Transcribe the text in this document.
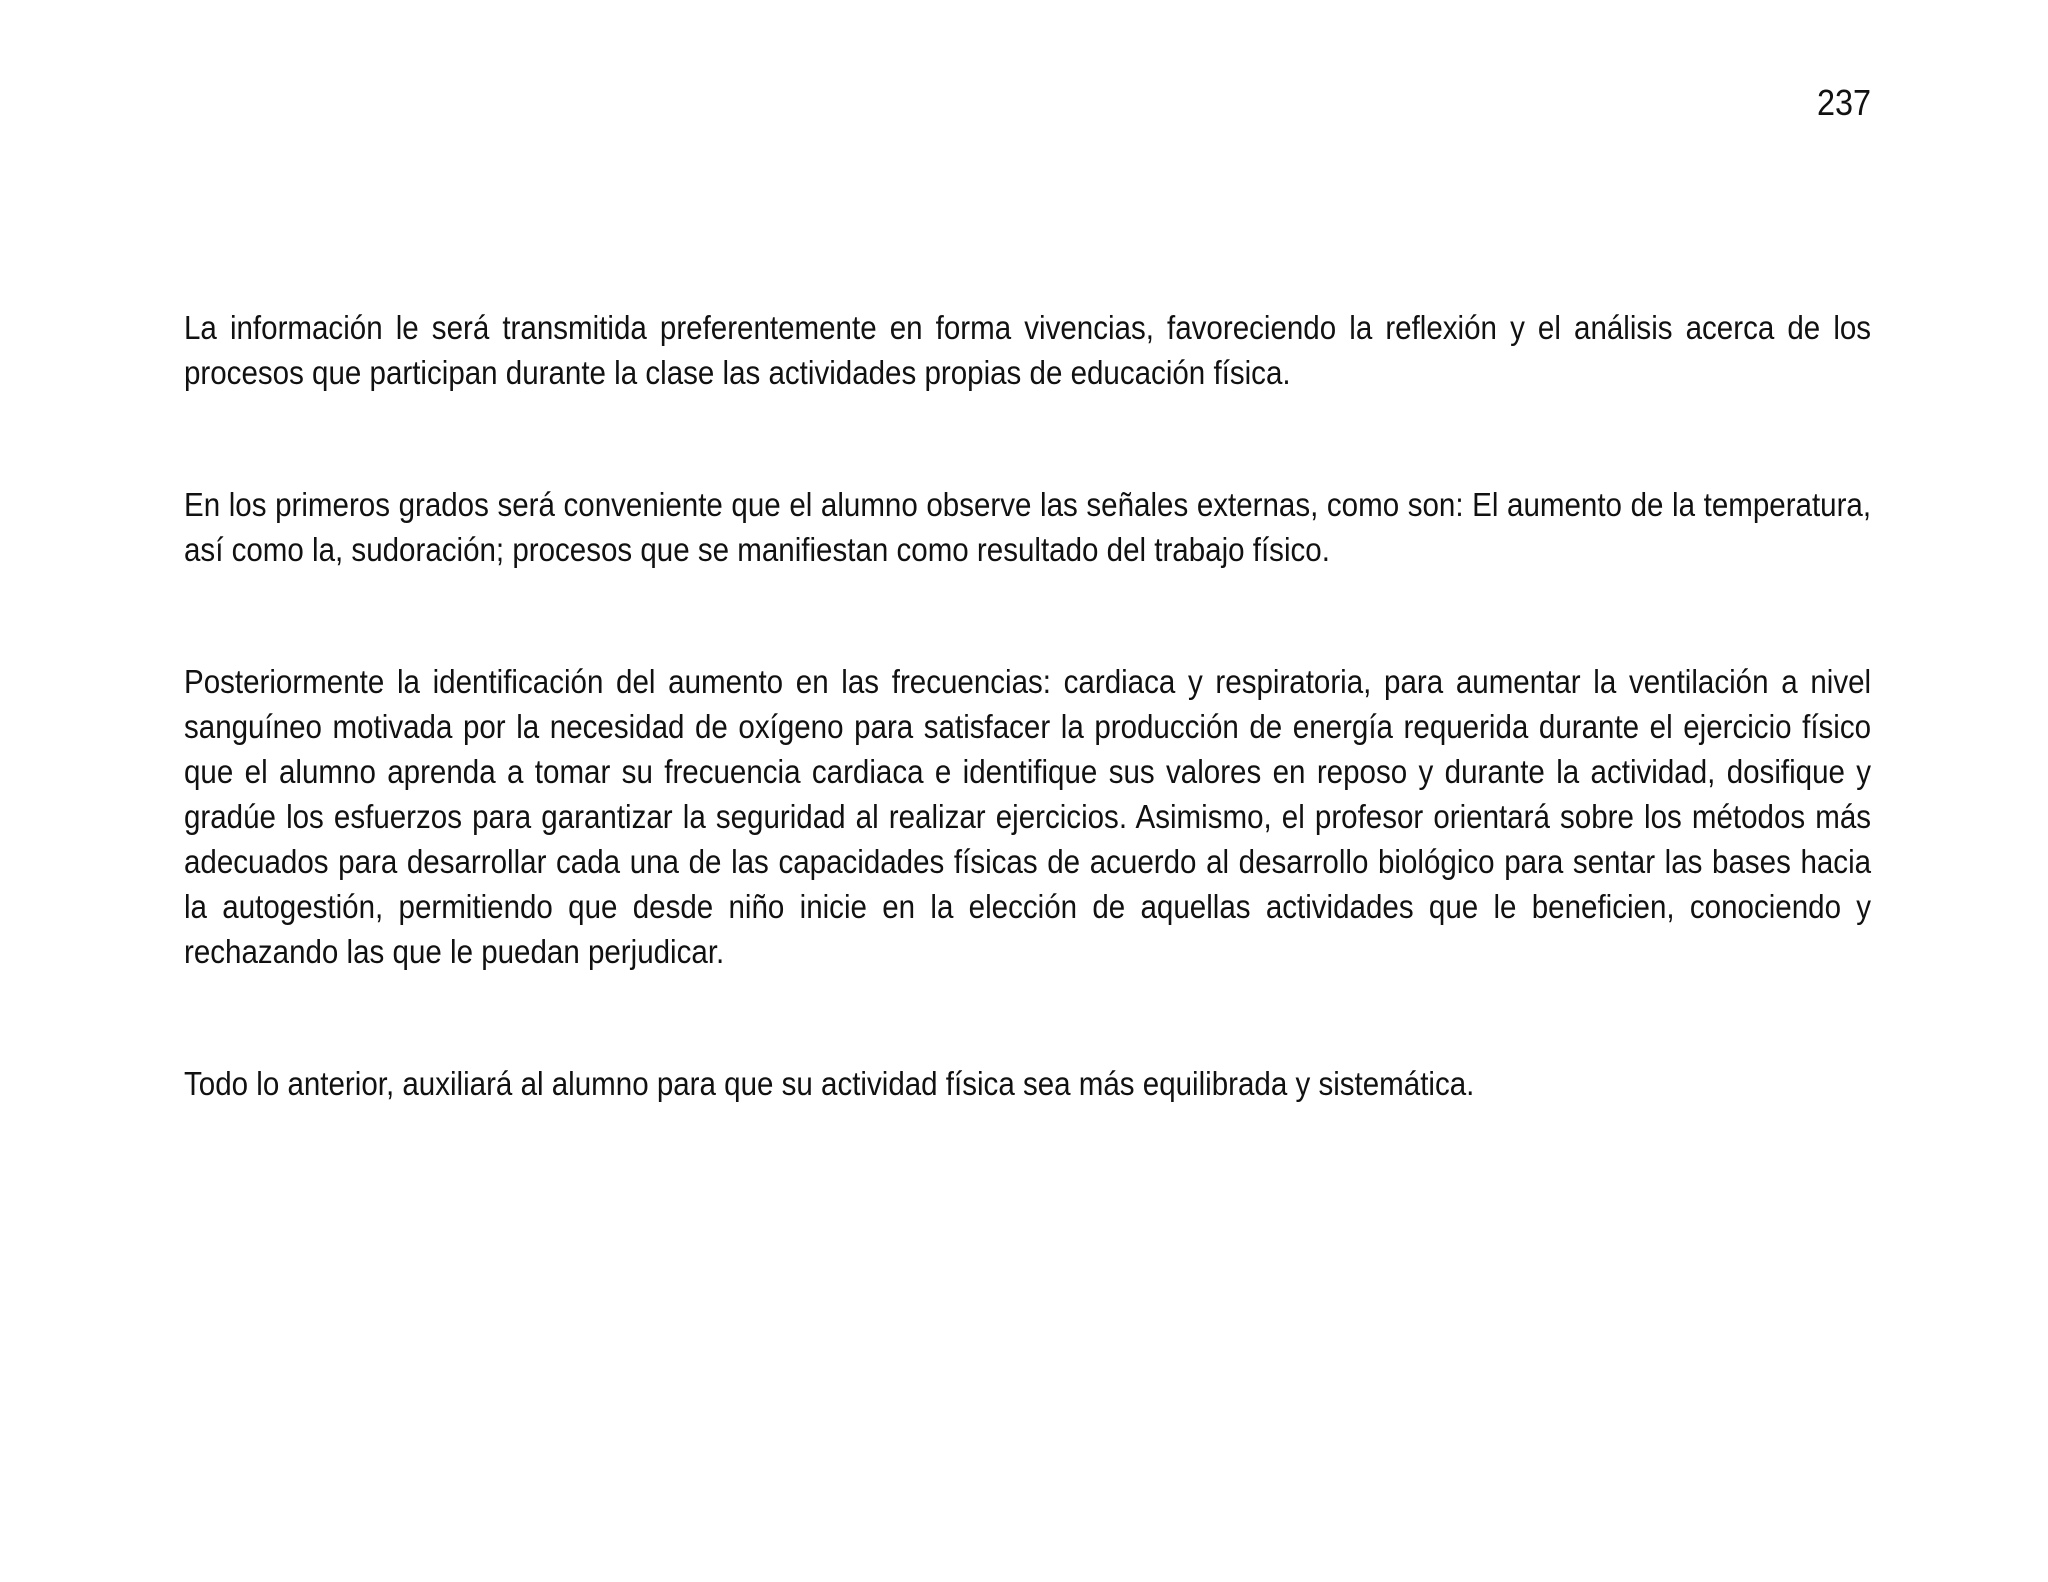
237

La información le será transmitida preferentemente en forma vivencias, favoreciendo la reflexión y el análisis acerca de los procesos que participan durante la clase las actividades propias de educación física.

En los primeros grados será conveniente que el alumno observe las señales externas, como son: El aumento de la temperatura, así como la, sudoración; procesos que se manifiestan como resultado del trabajo físico.

Posteriormente la identificación del aumento en las frecuencias: cardiaca y respiratoria, para aumentar la ventilación a nivel sanguíneo motivada por la necesidad de oxígeno para satisfacer la producción de energía requerida durante el ejercicio físico que el alumno aprenda a tomar su frecuencia cardiaca e identifique sus valores en reposo y durante la actividad, dosifique y gradúe los esfuerzos para garantizar la seguridad al realizar ejercicios. Asimismo, el profesor orientará sobre los métodos más adecuados para desarrollar cada una de las capacidades físicas de acuerdo al desarrollo biológico para sentar las bases hacia la autogestión, permitiendo que desde niño inicie en la elección de aquellas actividades que le beneficien, conociendo y rechazando las que le puedan perjudicar.

Todo lo anterior, auxiliará al alumno para que su actividad física sea más equilibrada y sistemática.
